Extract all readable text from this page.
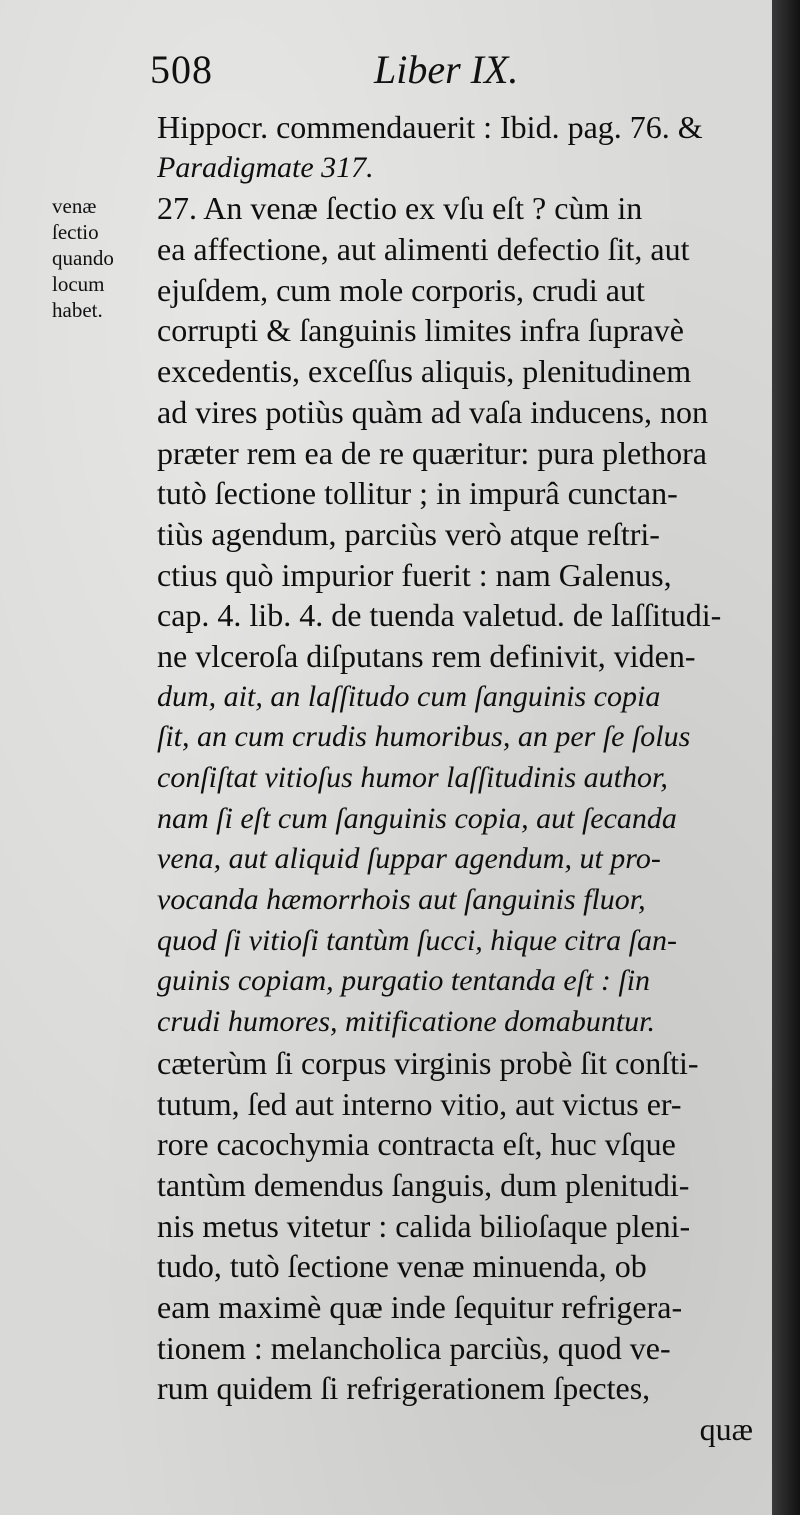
508	Liber IX.
venæ
ſectio
quando
locum
habet.
Hippocr. commendauerit : Ibid. pag. 76. &
Paradigmate 317.
27. An venæ ſectio ex vſu eſt ? cùm in
ea affectione, aut alimenti defectio ſit, aut
ejuſdem, cum mole corporis, crudi aut
corrupti & ſanguinis limites infra ſupravè
excedentis, exceſſus aliquis, plenitudinem
ad vires potiùs quàm ad vaſa inducens, non
præter rem ea de re quæritur: pura plethora
tutò ſectione tollitur ; in impurâ cunctan-
tiùs agendum, parciùs verò atque reſtri-
ctius quò impurior fuerit : nam Galenus,
cap. 4. lib. 4. de tuenda valetud. de laſſitudi-
ne vlceroſa diſputans rem definivit, viden-
dum, ait, an laſſitudo cum ſanguinis copia
ſit, an cum crudis humoribus, an per ſe ſolus
conſiſtat vitioſus humor laſſitudinis author,
nam ſi eſt cum ſanguinis copia, aut ſecanda
vena, aut aliquid ſuppar agendum, ut pro-
vocanda hæmorrhois aut ſanguinis fluor,
quod ſi vitioſi tantùm ſucci, hique citra ſan-
guinis copiam, purgatio tentanda eſt : ſin
crudi humores, mitificatione domabuntur.
cæterùm ſi corpus virginis probè ſit conſti-
tutum, ſed aut interno vitio, aut victus er-
rore cacochymia contracta eſt, huc vſque
tantùm demendus ſanguis, dum plenitudi-
nis metus vitetur : calida bilioſaque pleni-
tudo, tutò ſectione venæ minuenda, ob
eam maximè quæ inde ſequitur refrigera-
tionem : melancholica parciùs, quod ve-
rum quidem ſi refrigerationem ſpectes,
quæ
